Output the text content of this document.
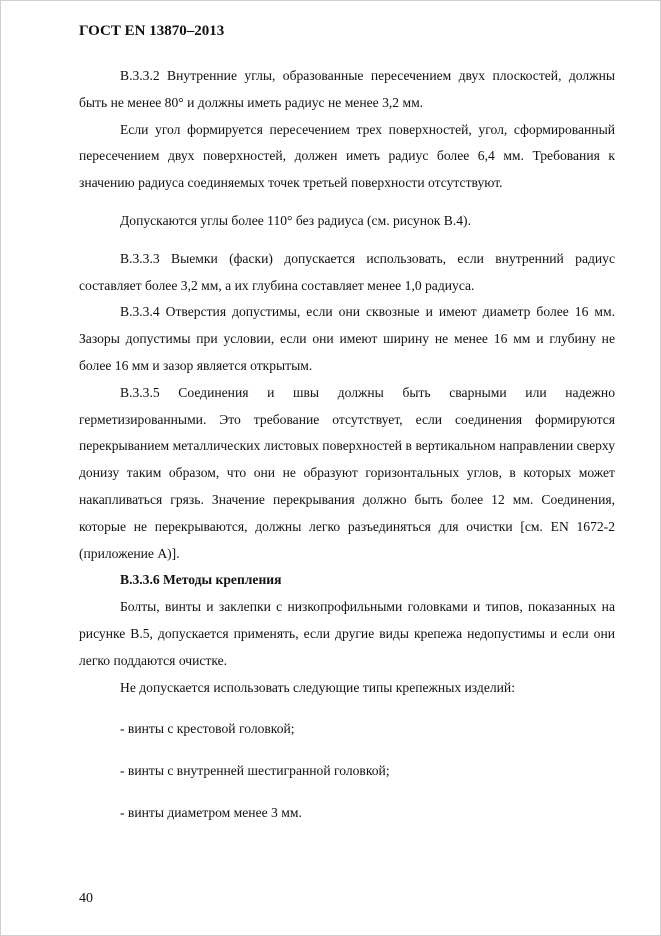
ГОСТ EN 13870–2013

B.3.3.2 Внутренние углы, образованные пересечением двух плоскостей, должны быть не менее 80° и должны иметь радиус не менее 3,2 мм.

Если угол формируется пересечением трех поверхностей, угол, сформированный пересечением двух поверхностей, должен иметь радиус более 6,4 мм. Требования к значению радиуса соединяемых точек третьей поверхности отсутствуют.

Допускаются углы более 110° без радиуса (см. рисунок B.4).

B.3.3.3 Выемки (фаски) допускается использовать, если внутренний радиус составляет более 3,2 мм, а их глубина составляет менее 1,0 радиуса.

B.3.3.4 Отверстия допустимы, если они сквозные и имеют диаметр более 16 мм. Зазоры допустимы при условии, если они имеют ширину не менее 16 мм и глубину не более 16 мм и зазор является открытым.

B.3.3.5 Соединения и швы должны быть сварными или надежно герметизированными. Это требование отсутствует, если соединения формируются перекрыванием металлических листовых поверхностей в вертикальном направлении сверху донизу таким образом, что они не образуют горизонтальных углов, в которых может накапливаться грязь. Значение перекрывания должно быть более 12 мм. Соединения, которые не перекрываются, должны легко разъединяться для очистки [см. EN 1672-2 (приложение А)].

B.3.3.6 Методы крепления

Болты, винты и заклепки с низкопрофильными головками и типов, показанных на рисунке B.5, допускается применять, если другие виды крепежа недопустимы и если они легко поддаются очистке.

Не допускается использовать следующие типы крепежных изделий:

- винты с крестовой головкой;

- винты с внутренней шестигранной головкой;

- винты диаметром менее 3 мм.

40
